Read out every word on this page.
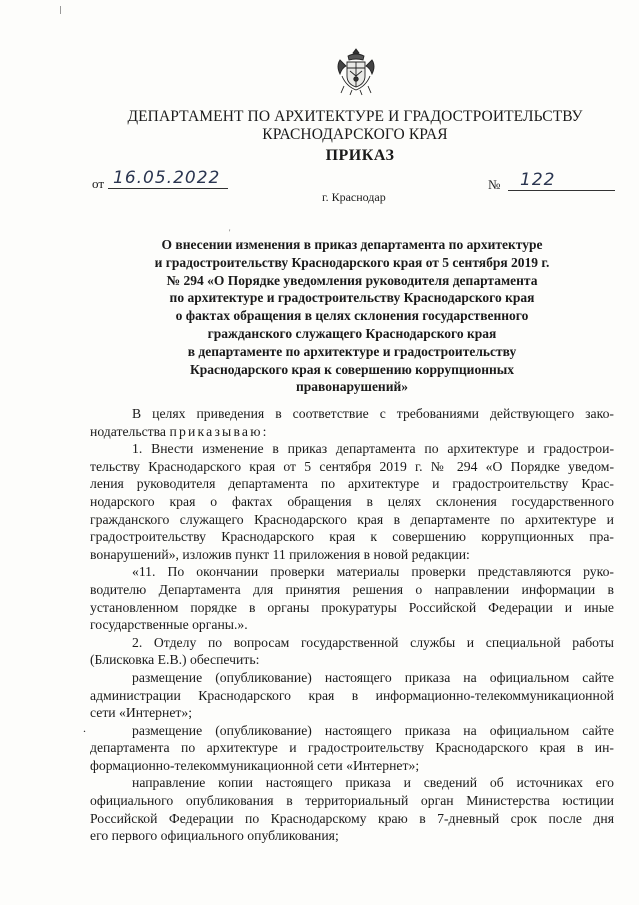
'
ДЕПАРТАМЕНТ ПО АРХИТЕКТУРЕ И ГРАДОСТРОИТЕЛЬСТВУ
КРАСНОДАРСКОГО КРАЯ
ПРИКАЗ
от 16.05.2022	№ 122
г. Краснодар
О внесении изменения в приказ департамента по архитектуре
и градостроительству Краснодарского края от 5 сентября 2019 г.
№ 294 «О Порядке уведомления руководителя департамента
по архитектуре и градостроительству Краснодарского края
о фактах обращения в целях склонения государственного
гражданского служащего Краснодарского края
в департаменте по архитектуре и градостроительству
Краснодарского края к совершению коррупционных
правонарушений»
В целях приведения в соответствие с требованиями действующего зако-
нодательства приказываю:
1. Внести изменение в приказ департамента по архитектуре и градострои-
тельству Краснодарского края от 5 сентября 2019 г. № 294 «О Порядке уведом-
ления руководителя департамента по архитектуре и градостроительству Крас-
нодарского края о фактах обращения в целях склонения государственного
гражданского служащего Краснодарского края в департаменте по архитектуре и
градостроительству Краснодарского края к совершению коррупционных пра-
вонарушений», изложив пункт 11 приложения в новой редакции:
«11. По окончании проверки материалы проверки представляются руко-
водителю Департамента для принятия решения о направлении информации в
установленном порядке в органы прокуратуры Российской Федерации и иные
государственные органы.».
2. Отделу по вопросам государственной службы и специальной работы
(Блисковка Е.В.) обеспечить:
размещение (опубликование) настоящего приказа на официальном сайте
администрации Краснодарского края в информационно-телекоммуникационной
сети «Интернет»;
размещение (опубликование) настоящего приказа на официальном сайте
департамента по архитектуре и градостроительству Краснодарского края в ин-
формационно-телекоммуникационной сети «Интернет»;
направление копии настоящего приказа и сведений об источниках его
официального опубликования в территориальный орган Министерства юстиции
Российской Федерации по Краснодарскому краю в 7-дневный срок после дня
его первого официального опубликования;
.
